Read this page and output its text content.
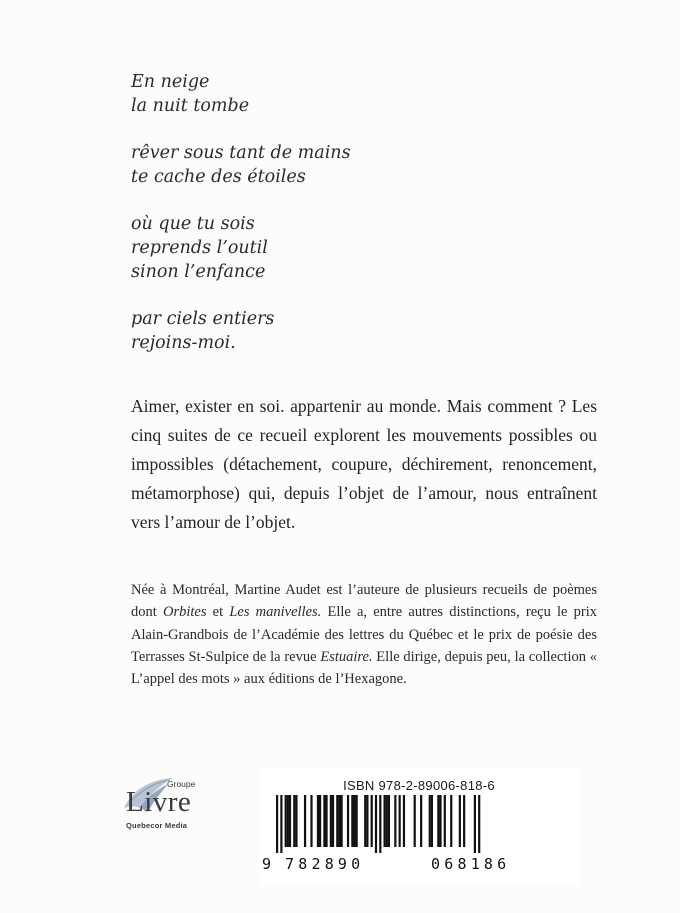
En neige
la nuit tombe
rêver sous tant de mains
te cache des étoiles
où que tu sois
reprends l’outil
sinon l’enfance
par ciels entiers
rejoins-moi.
Aimer, exister en soi. appartenir au monde. Mais comment ? Les cinq suites de ce recueil explorent les mouvements possibles ou impossibles (détachement, coupure, déchirement, renoncement, métamorphose) qui, depuis l’objet de l’amour, nous entraînent vers l’amour de l’objet.
Née à Montréal, Martine Audet est l’auteure de plusieurs recueils de poèmes dont Orbites et Les manivelles. Elle a, entre autres distinctions, reçu le prix Alain-Grandbois de l’Académie des lettres du Québec et le prix de poésie des Terrasses St-Sulpice de la revue Estuaire. Elle dirige, depuis peu, la collection « L’appel des mots » aux éditions de l’Hexagone.
Groupe
Livre
Quebecor Media
ISBN 978-2-89006-818-6
9 782890	068186
